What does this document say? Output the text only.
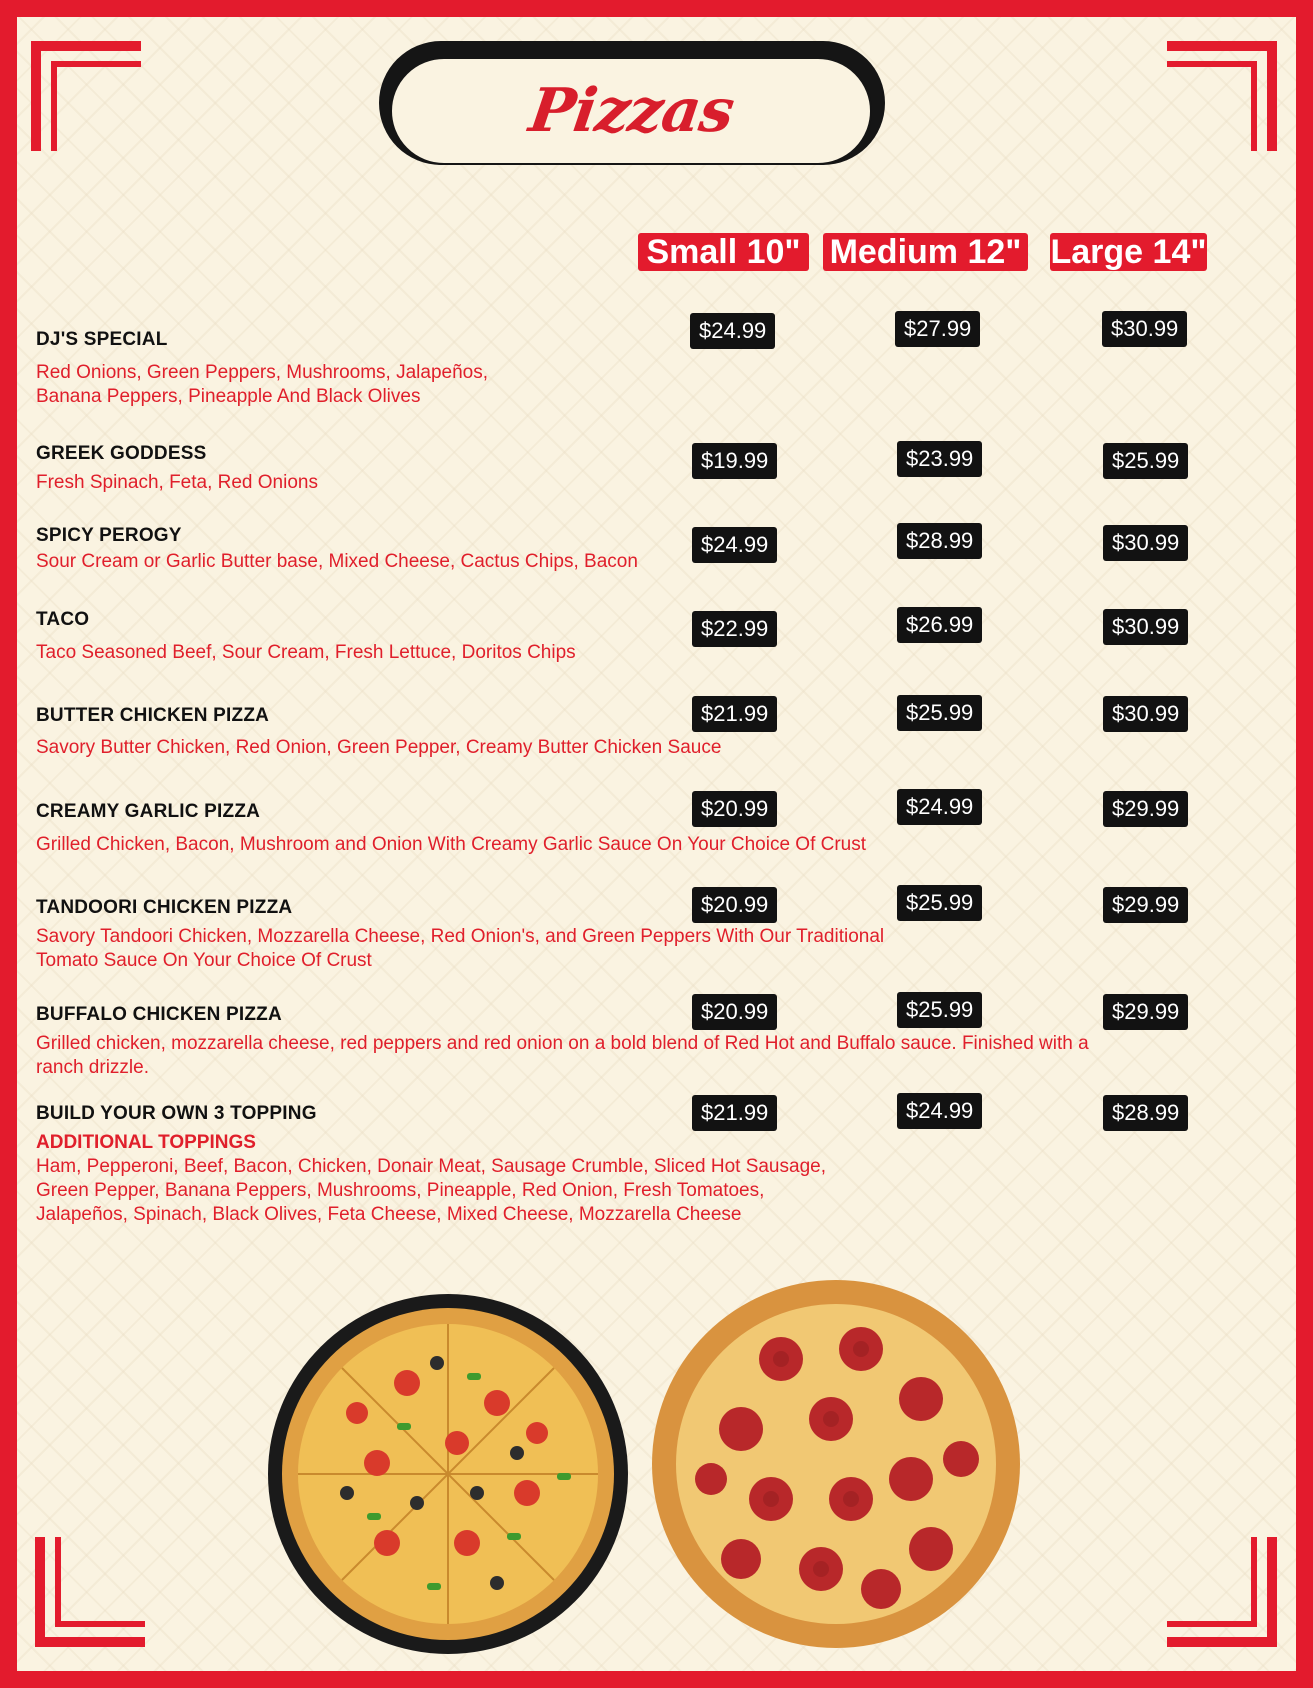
Pizzas
Small 10" Medium 12" Large 14"
DJ'S SPECIAL
Red Onions, Green Peppers, Mushrooms, Jalapeños,
Banana Peppers, Pineapple And Black Olives
$24.99	$27.99	$30.99
GREEK GODDESS
Fresh Spinach, Feta, Red Onions
$19.99	$23.99	$25.99
SPICY PEROGY
Sour Cream or Garlic Butter base, Mixed Cheese, Cactus Chips, Bacon
$24.99	$28.99	$30.99
TACO
Taco Seasoned Beef, Sour Cream, Fresh Lettuce, Doritos Chips
$22.99	$26.99	$30.99
BUTTER CHICKEN PIZZA
Savory Butter Chicken, Red Onion, Green Pepper, Creamy Butter Chicken Sauce
$21.99	$25.99	$30.99
CREAMY GARLIC PIZZA
Grilled Chicken, Bacon, Mushroom and Onion With Creamy Garlic Sauce On Your Choice Of Crust
$20.99	$24.99	$29.99
TANDOORI CHICKEN PIZZA
Savory Tandoori Chicken, Mozzarella Cheese, Red Onion's, and Green Peppers With Our Traditional
Tomato Sauce On Your Choice Of Crust
$20.99	$25.99	$29.99
BUFFALO CHICKEN PIZZA
Grilled chicken, mozzarella cheese, red peppers and red onion on a bold blend of Red Hot and Buffalo sauce. Finished with a
ranch drizzle.
$20.99	$25.99	$29.99
BUILD YOUR OWN 3 TOPPING
ADDITIONAL TOPPINGS
Ham, Pepperoni, Beef, Bacon, Chicken, Donair Meat, Sausage Crumble, Sliced Hot Sausage,
Green Pepper, Banana Peppers, Mushrooms, Pineapple, Red Onion, Fresh Tomatoes,
Jalapeños, Spinach, Black Olives, Feta Cheese, Mixed Cheese, Mozzarella Cheese
$21.99	$24.99	$28.99
